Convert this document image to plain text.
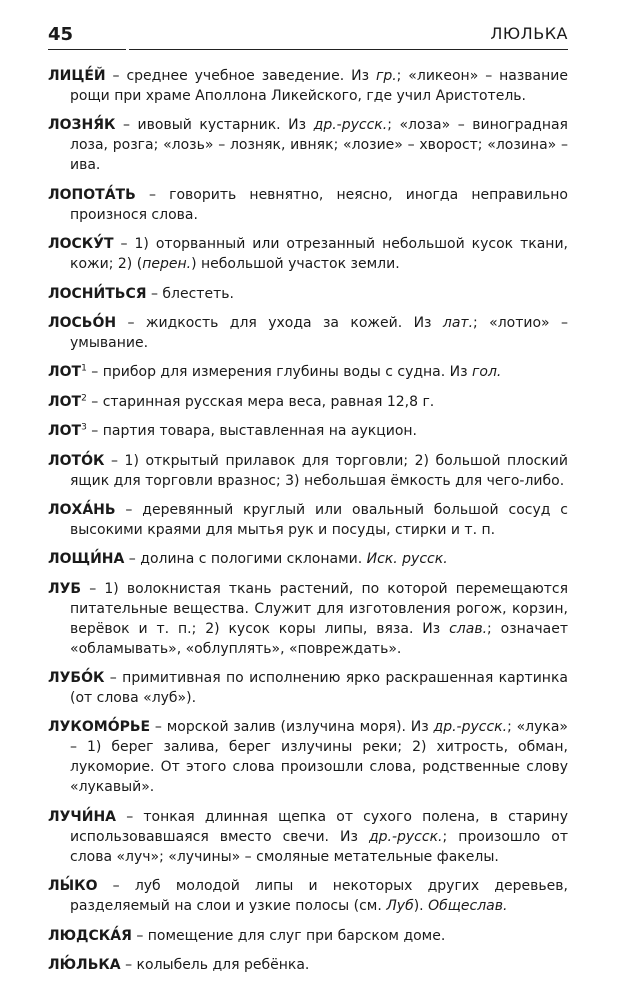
45	ЛЮЛЬКА

ЛИЦЕ́Й – среднее учебное заведение. Из гр.; «ликеон» – название рощи при храме Аполлона Ликейского, где учил Аристотель.

ЛОЗНЯ́К – ивовый кустарник. Из др.-русск.; «лоза» – виноградная лоза, розга; «лозь» – лозняк, ивняк; «лозие» – хворост; «лозина» – ива.

ЛОПОТА́ТЬ – говорить невнятно, неясно, иногда неправильно произнося слова.

ЛОСКУ́Т – 1) оторванный или отрезанный небольшой кусок ткани, кожи; 2) (перен.) небольшой участок земли.

ЛОСНИ́ТЬСЯ – блестеть.

ЛОСЬО́Н – жидкость для ухода за кожей. Из лат.; «лотио» – умывание.

ЛОТ$^1$ – прибор для измерения глубины воды с судна. Из гол.

ЛОТ$^2$ – старинная русская мера веса, равная 12,8 г.

ЛОТ$^3$ – партия товара, выставленная на аукцион.

ЛОТО́К – 1) открытый прилавок для торговли; 2) большой плоский ящик для торговли вразнос; 3) небольшая ёмкость для чего-либо.

ЛОХА́НЬ – деревянный круглый или овальный большой сосуд с высокими краями для мытья рук и посуды, стирки и т. п.

ЛОЩИ́НА – долина с пологими склонами. Иск. русск.

ЛУБ – 1) волокнистая ткань растений, по которой перемещаются питательные вещества. Служит для изготовления рогож, корзин, верёвок и т. п.; 2) кусок коры липы, вяза. Из слав.; означает «обламывать», «облуплять», «повреждать».

ЛУБО́К – примитивная по исполнению ярко раскрашенная картинка (от слова «луб»).

ЛУКОМО́РЬЕ – морской залив (излучина моря). Из др.-русск.; «лука» – 1) берег залива, берег излучины реки; 2) хитрость, обман, лукоморие. От этого слова произошли слова, родственные слову «лукавый».

ЛУЧИ́НА – тонкая длинная щепка от сухого полена, в старину использовавшаяся вместо свечи. Из др.-русск.; произошло от слова «луч»; «лучины» – смоляные метательные факелы.

ЛЫ́КО – луб молодой липы и некоторых других деревьев, разделяемый на слои и узкие полосы (см. Луб). Общеслав.

ЛЮДСКА́Я – помещение для слуг при барском доме.

ЛЮ́ЛЬКА – колыбель для ребёнка.
